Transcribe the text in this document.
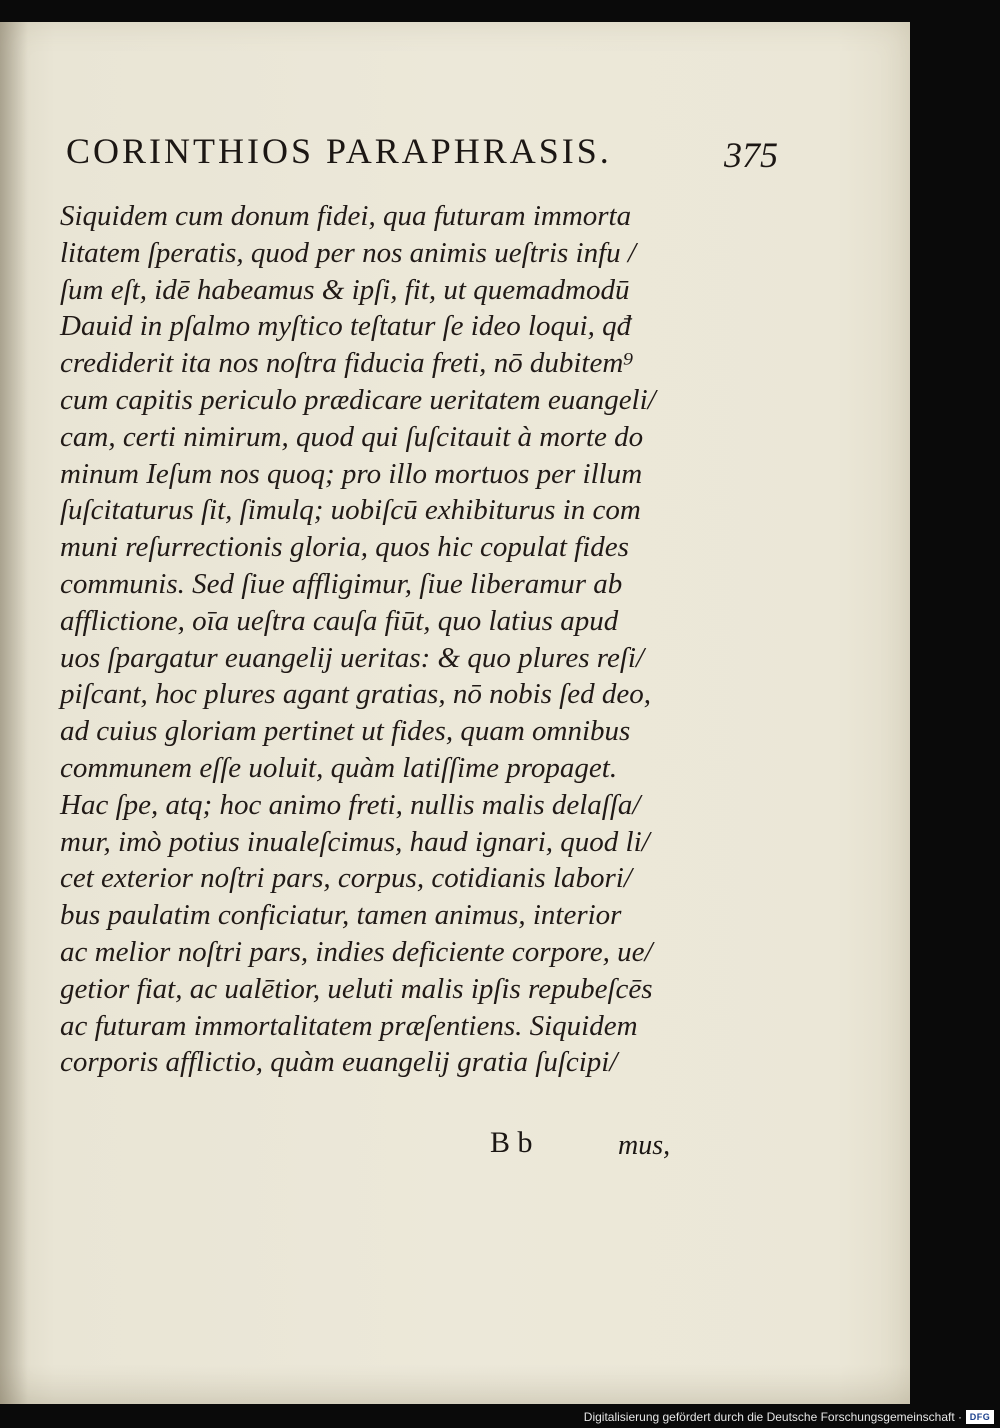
CORINTHIOS PARAPHRASIS.	375
Siquidem cum donum fidei, qua futuram immorta
litatem ſperatis, quod per nos animis ueſtris infu /
ſum eſt, idē habeamus & ipſi, fit, ut quemadmodū
Dauid in pſalmo myſtico teſtatur ſe ideo loqui, qđ
crediderit ita nos noſtra fiducia freti, nō dubitem⁹
cum capitis periculo prædicare ueritatem euangeli/
cam, certi nimirum, quod qui ſuſcitauit à morte do
minum Ieſum nos quoq; pro illo mortuos per illum
ſuſcitaturus ſit, ſimulq; uobiſcū exhibiturus in com
muni reſurrectionis gloria, quos hic copulat fides
communis. Sed ſiue affligimur, ſiue liberamur ab
afflictione, oīa ueſtra cauſa fiūt, quo latius apud
uos ſpargatur euangelij ueritas: & quo plures reſi/
piſcant, hoc plures agant gratias, nō nobis ſed deo,
ad cuius gloriam pertinet ut fides, quam omnibus
communem eſſe uoluit, quàm latiſſime propaget.
Hac ſpe, atq; hoc animo freti, nullis malis delaſſa/
mur, imò potius inualeſcimus, haud ignari, quod li/
cet exterior noſtri pars, corpus, cotidianis labori/
bus paulatim conficiatur, tamen animus, interior
ac melior noſtri pars, indies deficiente corpore, ue/
getior fiat, ac ualētior, ueluti malis ipſis repubeſcēs
ac futuram immortalitatem præſentiens. Siquidem
corporis afflictio, quàm euangelij gratia ſuſcipi/
B b	mus,
Digitalisierung gefördert durch die Deutsche Forschungsgemeinschaft · DFG
